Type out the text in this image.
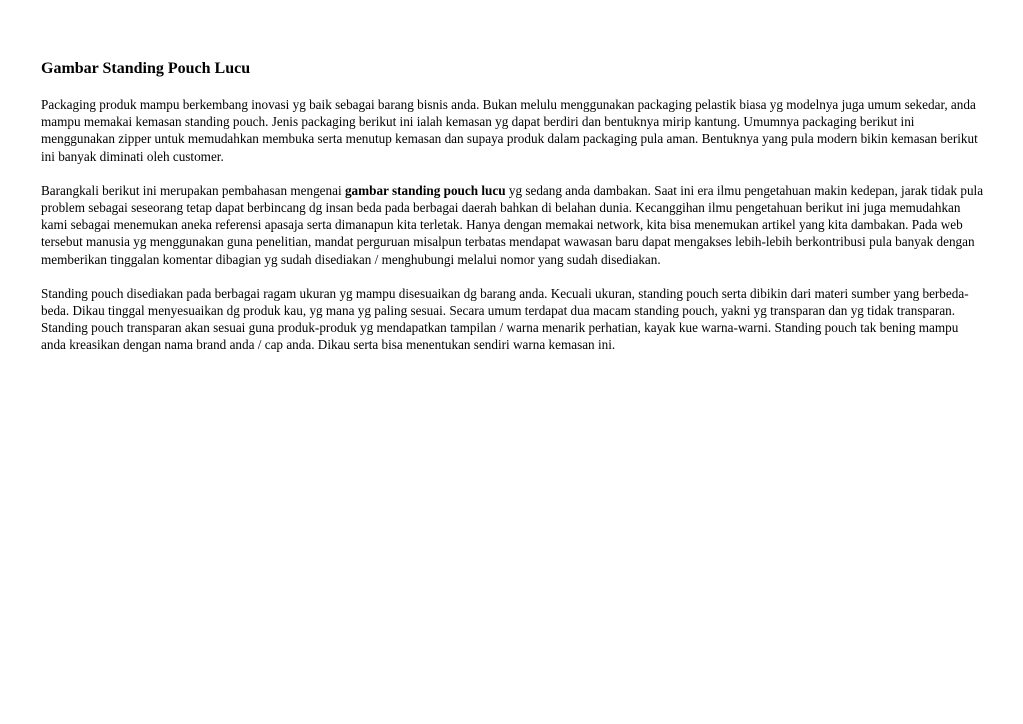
Gambar Standing Pouch Lucu

Packaging produk mampu berkembang inovasi yg baik sebagai barang bisnis anda. Bukan melulu menggunakan packaging pelastik biasa yg modelnya juga umum sekedar, anda mampu memakai kemasan standing pouch. Jenis packaging berikut ini ialah kemasan yg dapat berdiri dan bentuknya mirip kantung. Umumnya packaging berikut ini menggunakan zipper untuk memudahkan membuka serta menutup kemasan dan supaya produk dalam packaging pula aman. Bentuknya yang pula modern bikin kemasan berikut ini banyak diminati oleh customer.

Barangkali berikut ini merupakan pembahasan mengenai gambar standing pouch lucu yg sedang anda dambakan. Saat ini era ilmu pengetahuan makin kedepan, jarak tidak pula problem sebagai seseorang tetap dapat berbincang dg insan beda pada berbagai daerah bahkan di belahan dunia. Kecanggihan ilmu pengetahuan berikut ini juga memudahkan kami sebagai menemukan aneka referensi apasaja serta dimanapun kita terletak. Hanya dengan memakai network, kita bisa menemukan artikel yang kita dambakan. Pada web tersebut manusia yg menggunakan guna penelitian, mandat perguruan misalpun terbatas mendapat wawasan baru dapat mengakses lebih-lebih berkontribusi pula banyak dengan memberikan tinggalan komentar dibagian yg sudah disediakan / menghubungi melalui nomor yang sudah disediakan.

Standing pouch disediakan pada berbagai ragam ukuran yg mampu disesuaikan dg barang anda. Kecuali ukuran, standing pouch serta dibikin dari materi sumber yang berbeda-beda. Dikau tinggal menyesuaikan dg produk kau, yg mana yg paling sesuai. Secara umum terdapat dua macam standing pouch, yakni yg transparan dan yg tidak transparan. Standing pouch transparan akan sesuai guna produk-produk yg mendapatkan tampilan / warna menarik perhatian, kayak kue warna-warni. Standing pouch tak bening mampu anda kreasikan dengan nama brand anda / cap anda. Dikau serta bisa menentukan sendiri warna kemasan ini.
